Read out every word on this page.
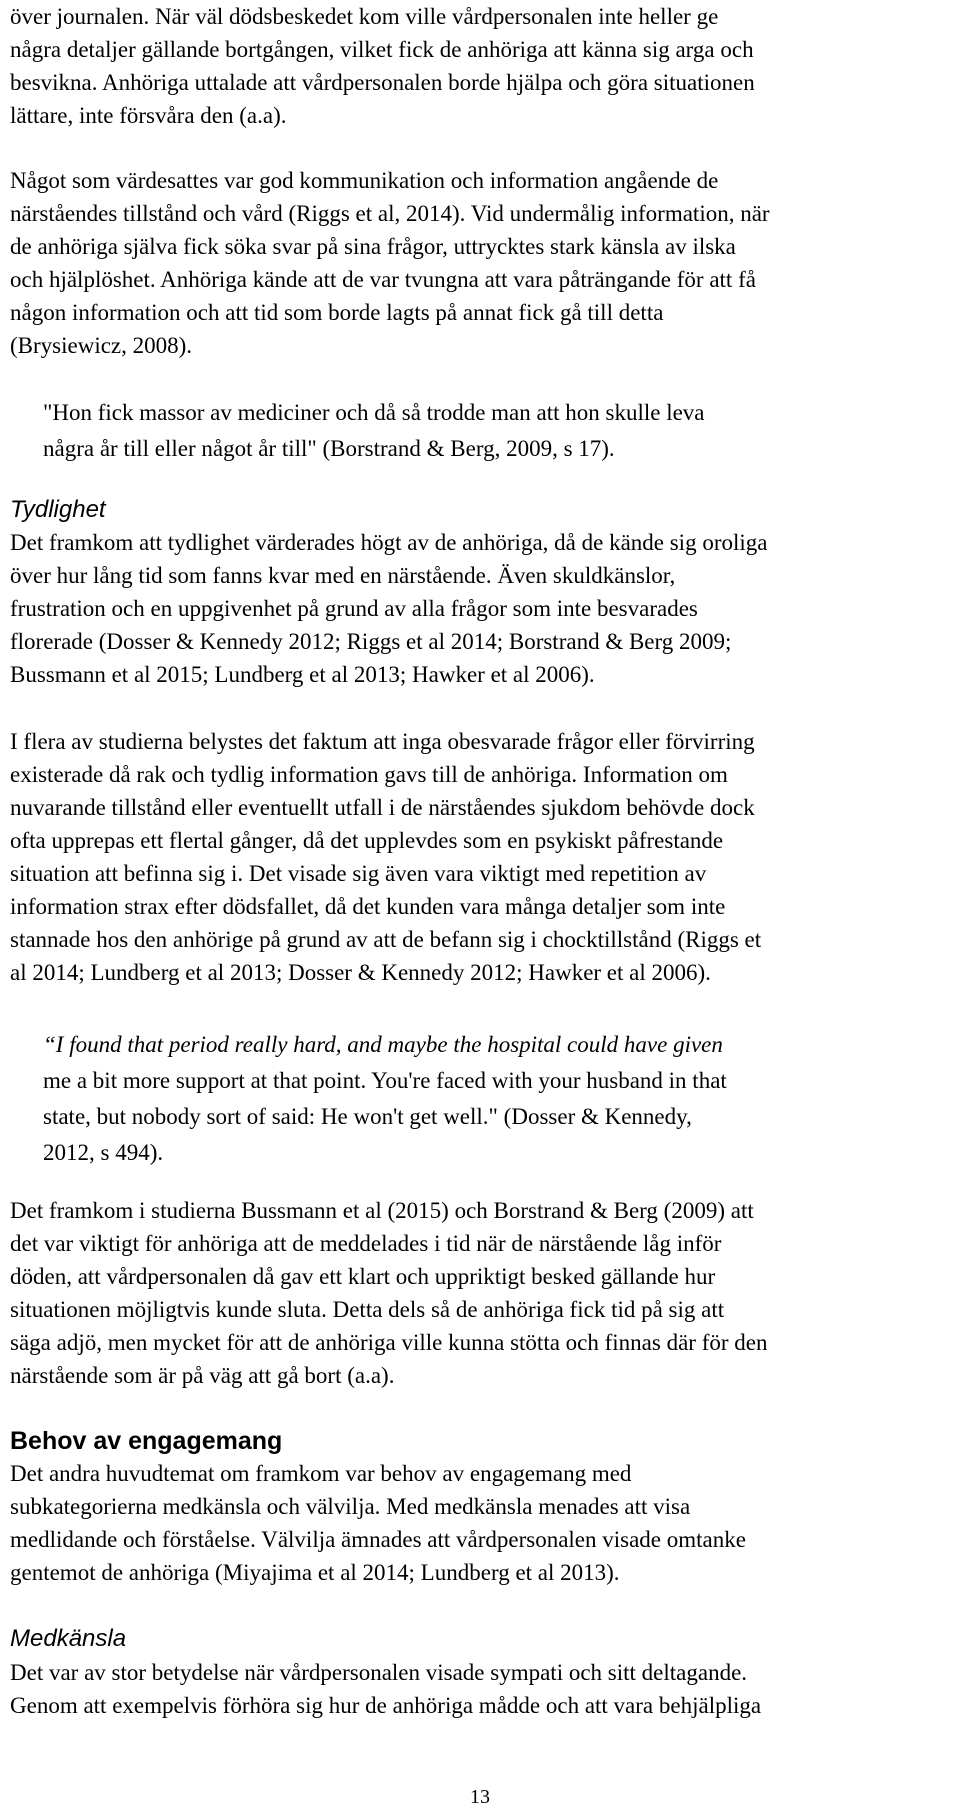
över journalen. När väl dödsbeskedet kom ville vårdpersonalen inte heller ge
några detaljer gällande bortgången, vilket fick de anhöriga att känna sig arga och
besvikna. Anhöriga uttalade att vårdpersonalen borde hjälpa och göra situationen
lättare, inte försvåra den (a.a).
Något som värdesattes var god kommunikation och information angående de
närståendes tillstånd och vård (Riggs et al, 2014). Vid undermålig information, när
de anhöriga själva fick söka svar på sina frågor, uttrycktes stark känsla av ilska
och hjälplöshet. Anhöriga kände att de var tvungna att vara påträngande för att få
någon information och att tid som borde lagts på annat fick gå till detta
(Brysiewicz, 2008).
"Hon fick massor av mediciner och då så trodde man att hon skulle leva
några år till eller något år till" (Borstrand & Berg, 2009, s 17).
Tydlighet
Det framkom att tydlighet värderades högt av de anhöriga, då de kände sig oroliga
över hur lång tid som fanns kvar med en närstående. Även skuldkänslor,
frustration och en uppgivenhet på grund av alla frågor som inte besvarades
florerade (Dosser & Kennedy 2012; Riggs et al 2014; Borstrand & Berg 2009;
Bussmann et al 2015; Lundberg et al 2013; Hawker et al 2006).
I flera av studierna belystes det faktum att inga obesvarade frågor eller förvirring
existerade då rak och tydlig information gavs till de anhöriga. Information om
nuvarande tillstånd eller eventuellt utfall i de närståendes sjukdom behövde dock
ofta upprepas ett flertal gånger, då det upplevdes som en psykiskt påfrestande
situation att befinna sig i. Det visade sig även vara viktigt med repetition av
information strax efter dödsfallet, då det kunden vara många detaljer som inte
stannade hos den anhörige på grund av att de befann sig i chocktillstånd (Riggs et
al 2014; Lundberg et al 2013; Dosser & Kennedy 2012; Hawker et al 2006).
“I found that period really hard, and maybe the hospital could have given
me a bit more support at that point. You're faced with your husband in that
state, but nobody sort of said: He won't get well." (Dosser & Kennedy,
2012, s 494).
Det framkom i studierna Bussmann et al (2015) och Borstrand & Berg (2009) att
det var viktigt för anhöriga att de meddelades i tid när de närstående låg inför
döden, att vårdpersonalen då gav ett klart och uppriktigt besked gällande hur
situationen möjligtvis kunde sluta. Detta dels så de anhöriga fick tid på sig att
säga adjö, men mycket för att de anhöriga ville kunna stötta och finnas där för den
närstående som är på väg att gå bort (a.a).
Behov av engagemang
Det andra huvudtemat om framkom var behov av engagemang med
subkategorierna medkänsla och välvilja. Med medkänsla menades att visa
medlidande och förståelse. Välvilja ämnades att vårdpersonalen visade omtanke
gentemot de anhöriga (Miyajima et al 2014; Lundberg et al 2013).
Medkänsla
Det var av stor betydelse när vårdpersonalen visade sympati och sitt deltagande.
Genom att exempelvis förhöra sig hur de anhöriga mådde och att vara behjälpliga
13
